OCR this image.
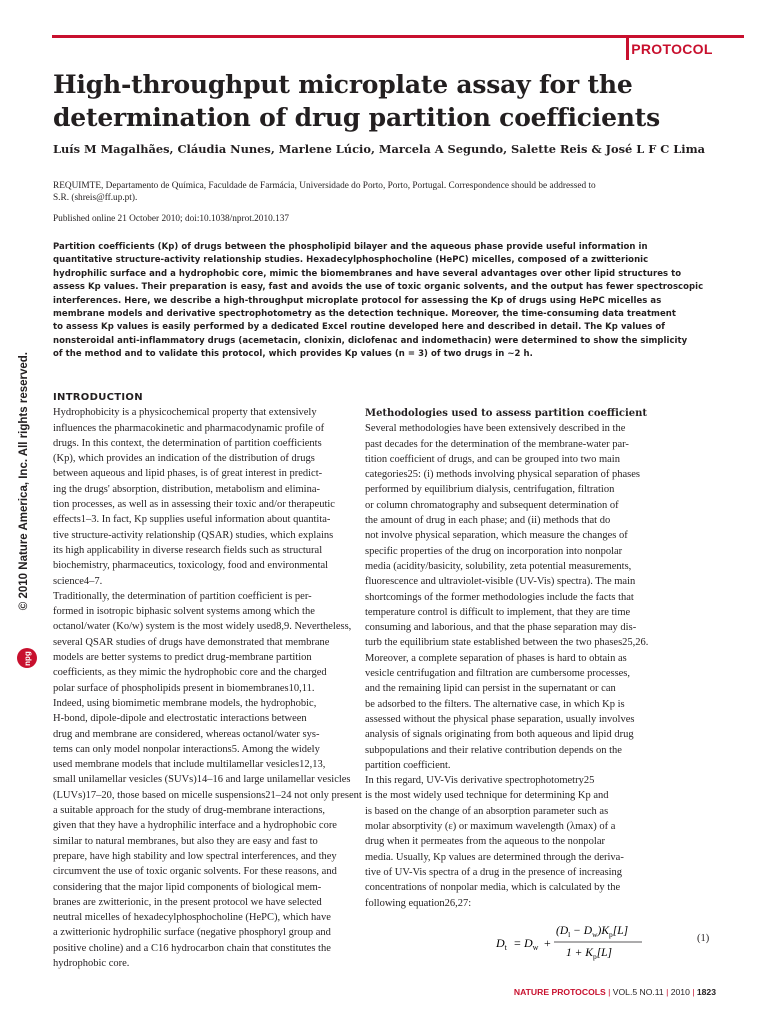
PROTOCOL
High-throughput microplate assay for the
determination of drug partition coefficients
Luís M Magalhães, Cláudia Nunes, Marlene Lúcio, Marcela A Segundo, Salette Reis & José L F C Lima
REQUIMTE, Departamento de Química, Faculdade de Farmácia, Universidade do Porto, Porto, Portugal. Correspondence should be addressed to
S.R. (shreis@ff.up.pt).
Published online 21 October 2010; doi:10.1038/nprot.2010.137
Partition coefficients (Kp) of drugs between the phospholipid bilayer and the aqueous phase provide useful information in
quantitative structure-activity relationship studies. Hexadecylphosphocholine (HePC) micelles, composed of a zwitterionic
hydrophilic surface and a hydrophobic core, mimic the biomembranes and have several advantages over other lipid structures to
assess Kp values. Their preparation is easy, fast and avoids the use of toxic organic solvents, and the output has fewer spectroscopic
interferences. Here, we describe a high-throughput microplate protocol for assessing the Kp of drugs using HePC micelles as
membrane models and derivative spectrophotometry as the detection technique. Moreover, the time-consuming data treatment
to assess Kp values is easily performed by a dedicated Excel routine developed here and described in detail. The Kp values of
nonsteroidal anti-inflammatory drugs (acemetacin, clonixin, diclofenac and indomethacin) were determined to show the simplicity
of the method and to validate this protocol, which provides Kp values (n = 3) of two drugs in ~2 h.
© 2010 Nature America, Inc. All rights reserved.
npg
INTRODUCTION
Hydrophobicity is a physicochemical property that extensively
influences the pharmacokinetic and pharmacodynamic profile of
drugs. In this context, the determination of partition coefficients
(Kp), which provides an indication of the distribution of drugs
between aqueous and lipid phases, is of great interest in predict-
ing the drugs' absorption, distribution, metabolism and elimina-
tion processes, as well as in assessing their toxic and/or therapeutic
effects1–3. In fact, Kp supplies useful information about quantita-
tive structure-activity relationship (QSAR) studies, which explains
its high applicability in diverse research fields such as structural
biochemistry, pharmaceutics, toxicology, food and environmental
science4–7.
Traditionally, the determination of partition coefficient is per-
formed in isotropic biphasic solvent systems among which the
octanol/water (Ko/w) system is the most widely used8,9. Nevertheless,
several QSAR studies of drugs have demonstrated that membrane
models are better systems to predict drug-membrane partition
coefficients, as they mimic the hydrophobic core and the charged
polar surface of phospholipids present in biomembranes10,11.
Indeed, using biomimetic membrane models, the hydrophobic,
H-bond, dipole-dipole and electrostatic interactions between
drug and membrane are considered, whereas octanol/water sys-
tems can only model nonpolar interactions5. Among the widely
used membrane models that include multilamellar vesicles12,13,
small unilamellar vesicles (SUVs)14–16 and large unilamellar vesicles
(LUVs)17–20, those based on micelle suspensions21–24 not only present
a suitable approach for the study of drug-membrane interactions,
given that they have a hydrophilic interface and a hydrophobic core
similar to natural membranes, but also they are easy and fast to
prepare, have high stability and low spectral interferences, and they
circumvent the use of toxic organic solvents. For these reasons, and
considering that the major lipid components of biological mem-
branes are zwitterionic, in the present protocol we have selected
neutral micelles of hexadecylphosphocholine (HePC), which have
a zwitterionic hydrophilic surface (negative phosphoryl group and
positive choline) and a C16 hydrocarbon chain that constitutes the
hydrophobic core.
Methodologies used to assess partition coefficient
Several methodologies have been extensively described in the
past decades for the determination of the membrane-water par-
tition coefficient of drugs, and can be grouped into two main
categories25: (i) methods involving physical separation of phases
performed by equilibrium dialysis, centrifugation, filtration
or column chromatography and subsequent determination of
the amount of drug in each phase; and (ii) methods that do
not involve physical separation, which measure the changes of
specific properties of the drug on incorporation into nonpolar
media (acidity/basicity, solubility, zeta potential measurements,
fluorescence and ultraviolet-visible (UV-Vis) spectra). The main
shortcomings of the former methodologies include the facts that
temperature control is difficult to implement, that they are time
consuming and laborious, and that the phase separation may dis-
turb the equilibrium state established between the two phases25,26.
Moreover, a complete separation of phases is hard to obtain as
vesicle centrifugation and filtration are cumbersome processes,
and the remaining lipid can persist in the supernatant or can
be adsorbed to the filters. The alternative case, in which Kp is
assessed without the physical phase separation, usually involves
analysis of signals originating from both aqueous and lipid drug
subpopulations and their relative contribution depends on the
partition coefficient.
In this regard, UV-Vis derivative spectrophotometry25
is the most widely used technique for determining Kp and
is based on the change of an absorption parameter such as
molar absorptivity (ε) or maximum wavelength (λmax) of a
drug when it permeates from the aqueous to the nonpolar
media. Usually, Kp values are determined through the deriva-
tive of UV-Vis spectra of a drug in the presence of increasing
concentrations of nonpolar media, which is calculated by the
following equation26,27:
$D_t = D_w$ +
$(D_l - D_w)K_p[L]$
$1 + K_p[L]$
(1)
NATURE PROTOCOLS | VOL.5 NO.11 | 2010 | 1823
